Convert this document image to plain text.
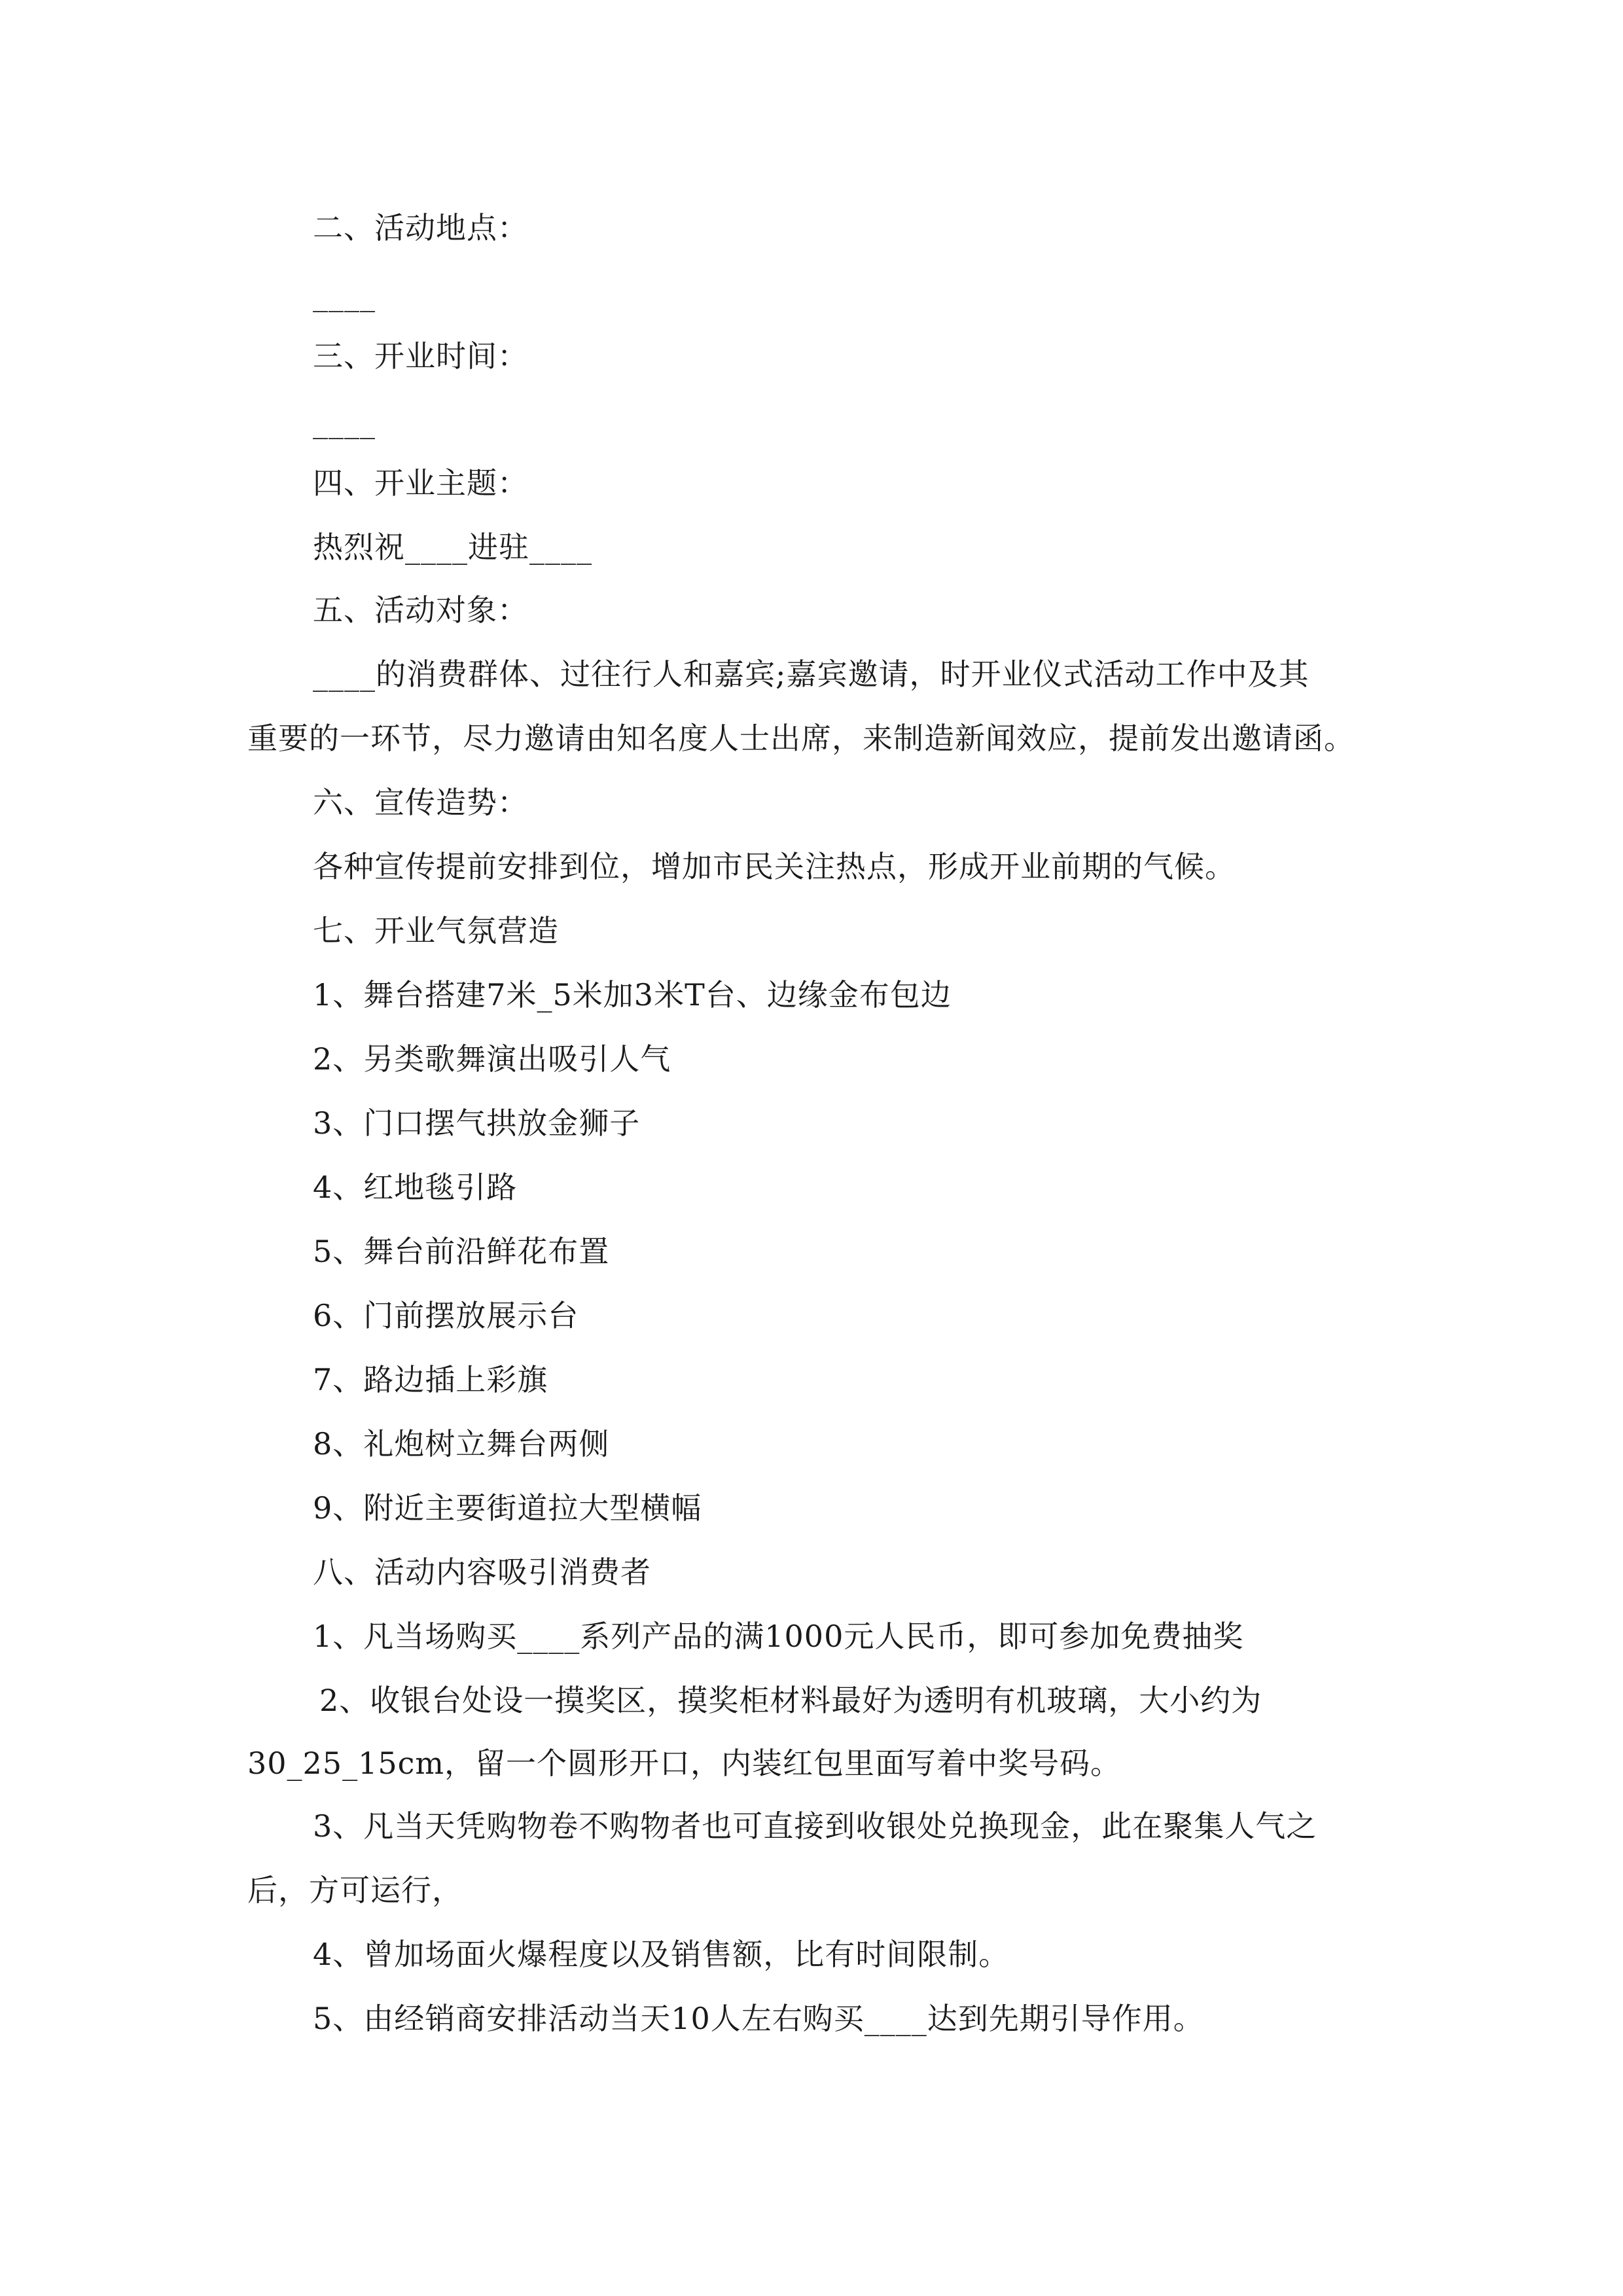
二、活动地点：

____

三、开业时间：

____

四、开业主题：

热烈祝____进驻____

五、活动对象：

____的消费群体、过往行人和嘉宾;嘉宾邀请，时开业仪式活动工作中及其

重要的一环节，尽力邀请由知名度人士出席，来制造新闻效应，提前发出邀请函。

六、宣传造势：

各种宣传提前安排到位，增加市民关注热点，形成开业前期的气候。

七、开业气氛营造

1、舞台搭建7米_5米加3米T台、边缘金布包边

2、另类歌舞演出吸引人气

3、门口摆气拱放金狮子

4、红地毯引路

5、舞台前沿鲜花布置

6、门前摆放展示台

7、路边插上彩旗

8、礼炮树立舞台两侧

9、附近主要街道拉大型横幅

八、活动内容吸引消费者

1、凡当场购买____系列产品的满1000元人民币，即可参加免费抽奖

2、收银台处设一摸奖区，摸奖柜材料最好为透明有机玻璃，大小约为

30_25_15cm，留一个圆形开口，内装红包里面写着中奖号码。

3、凡当天凭购物卷不购物者也可直接到收银处兑换现金，此在聚集人气之

后，方可运行，

4、曾加场面火爆程度以及销售额，比有时间限制。

5、由经销商安排活动当天10人左右购买____达到先期引导作用。
